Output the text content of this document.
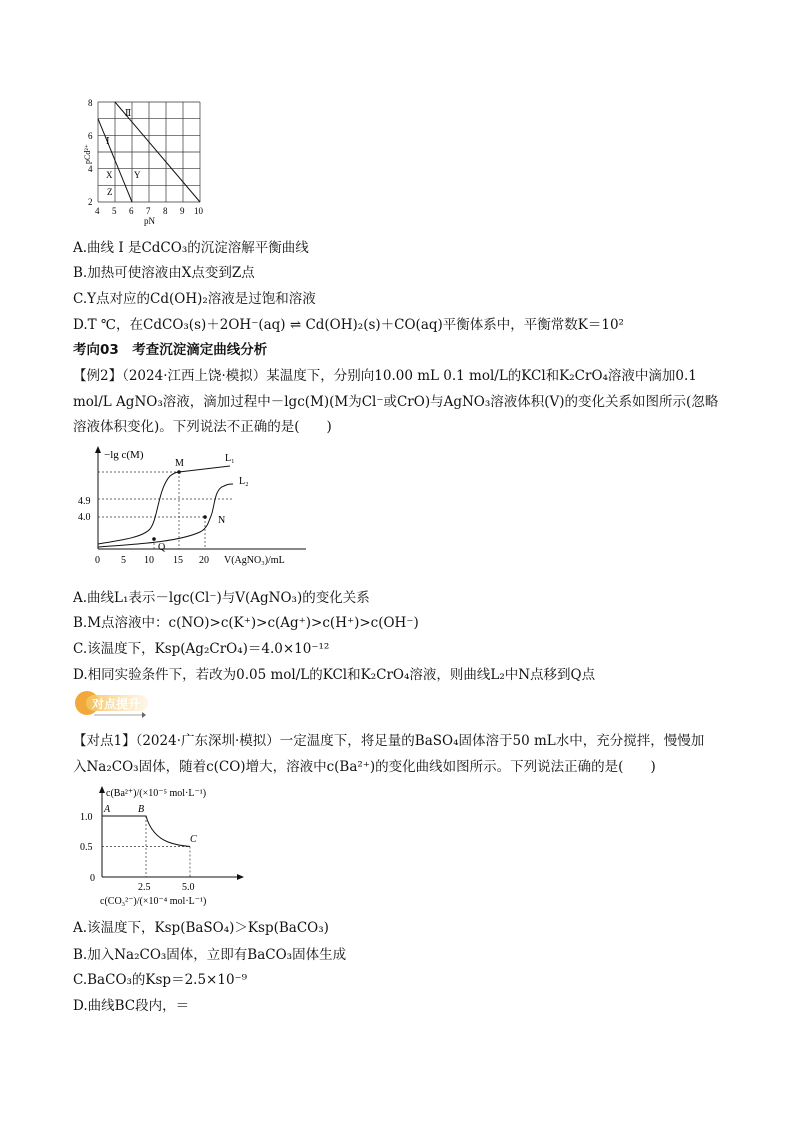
8
6
4
2
4 5 6 7 8 9 10
pN
pCd²⁺
Ⅱ
Ⅰ
X Y
Z
A.曲线 Ⅰ 是CdCO₃的沉淀溶解平衡曲线
B.加热可使溶液由X点变到Z点
C.Y点对应的Cd(OH)₂溶液是过饱和溶液
D.T ℃，在CdCO₃(s)＋2OH⁻(aq) ⇌ Cd(OH)₂(s)＋CO(aq)平衡体系中，平衡常数K＝10²
考向03　考查沉淀滴定曲线分析
【例2】（2024·江西上饶·模拟）某温度下，分别向10.00 mL 0.1 mol/L的KCl和K₂CrO₄溶液中滴加0.1
mol/L AgNO₃溶液，滴加过程中－lgc(M)(M为Cl⁻或CrO)与AgNO₃溶液体积(V)的变化关系如图所示(忽略
溶液体积变化)。下列说法不正确的是(　　)
−lg c(M)
4.9
4.0
0 5 10 15 20 V(AgNO₃)/mL
M	L₁
L₂
N
Q
A.曲线L₁表示－lgc(Cl⁻)与V(AgNO₃)的变化关系
B.M点溶液中：c(NO)>c(K⁺)>c(Ag⁺)>c(H⁺)>c(OH⁻)
C.该温度下，Ksp(Ag₂CrO₄)＝4.0×10⁻¹²
D.相同实验条件下，若改为0.05 mol/L的KCl和K₂CrO₄溶液，则曲线L₂中N点移到Q点
对点提升
【对点1】（2024·广东深圳·模拟）一定温度下，将足量的BaSO₄固体溶于50 mL水中，充分搅拌，慢慢加
入Na₂CO₃固体，随着c(CO)增大，溶液中c(Ba²⁺)的变化曲线如图所示。下列说法正确的是(　　)
c(Ba²⁺)/(×10⁻⁵ mol·L⁻¹)
1.0
0.5
0
2.5	5.0
c(CO₃²⁻)/(×10⁻⁴ mol·L⁻¹)
A	B
C
A.该温度下，Ksp(BaSO₄)＞Ksp(BaCO₃)
B.加入Na₂CO₃固体，立即有BaCO₃固体生成
C.BaCO₃的Ksp＝2.5×10⁻⁹
D.曲线BC段内，＝
